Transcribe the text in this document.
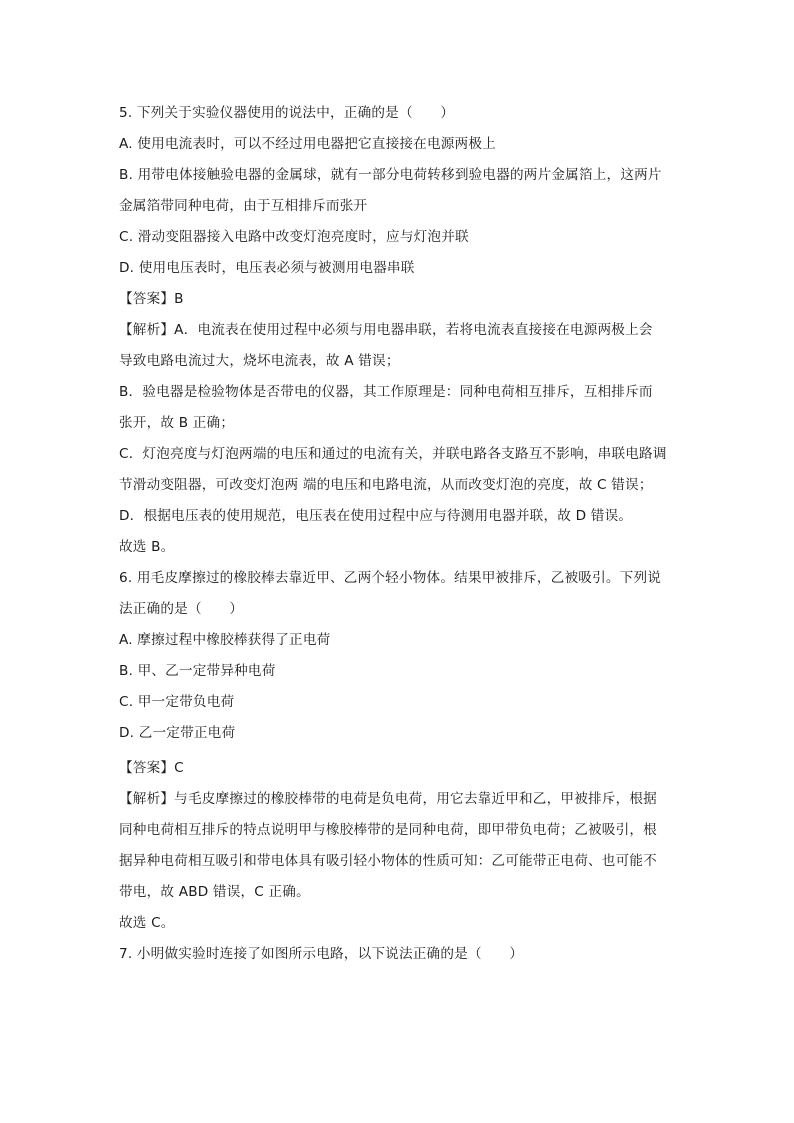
5. 下列关于实验仪器使用的说法中，正确的是（　　）
A. 使用电流表时，可以不经过用电器把它直接接在电源两极上
B. 用带电体接触验电器的金属球，就有一部分电荷转移到验电器的两片金属箔上，这两片
金属箔带同种电荷，由于互相排斥而张开
C. 滑动变阻器接入电路中改变灯泡亮度时，应与灯泡并联
D. 使用电压表时，电压表必须与被测用电器串联
【答案】B
【解析】A．电流表在使用过程中必须与用电器串联，若将电流表直接接在电源两极上会
导致电路电流过大，烧坏电流表，故 A 错误；
B．验电器是检验物体是否带电的仪器，其工作原理是：同种电荷相互排斥，互相排斥而
张开，故 B 正确；
C．灯泡亮度与灯泡两端的电压和通过的电流有关，并联电路各支路互不影响，串联电路调
节滑动变阻器，可改变灯泡两 端的电压和电路电流，从而改变灯泡的亮度，故 C 错误；
D．根据电压表的使用规范，电压表在使用过程中应与待测用电器并联，故 D 错误。
故选 B。
6. 用毛皮摩擦过的橡胶棒去靠近甲、乙两个轻小物体。结果甲被排斥，乙被吸引。下列说
法正确的是（　　）
A. 摩擦过程中橡胶棒获得了正电荷
B. 甲、乙一定带异种电荷
C. 甲一定带负电荷
D. 乙一定带正电荷
【答案】C
【解析】与毛皮摩擦过的橡胶棒带的电荷是负电荷，用它去靠近甲和乙，甲被排斥，根据
同种电荷相互排斥的特点说明甲与橡胶棒带的是同种电荷，即甲带负电荷；乙被吸引，根
据异种电荷相互吸引和带电体具有吸引轻小物体的性质可知：乙可能带正电荷、也可能不
带电，故 ABD 错误，C 正确。
故选 C。
7. 小明做实验时连接了如图所示电路，以下说法正确的是（　　）
